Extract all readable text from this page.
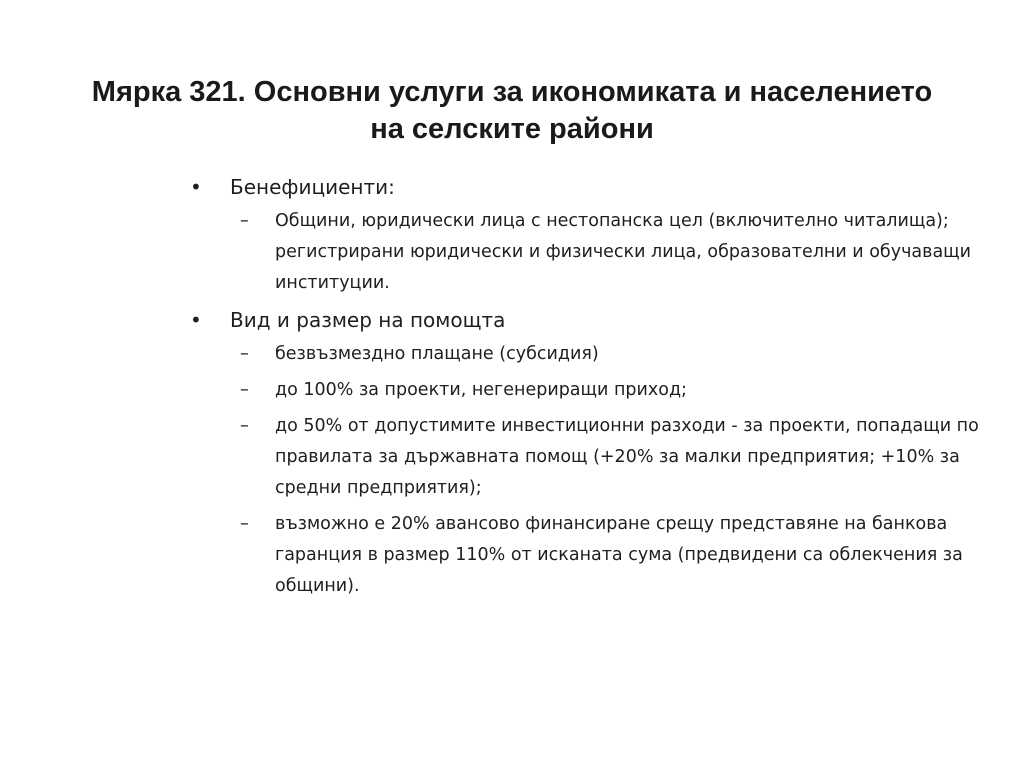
Мярка 321. Основни услуги за икономиката и населението
на селските райони
• Бенефициенти:
– Общини, юридически лица с нестопанска цел (включително читалища); регистрирани юридически и физически лица, образователни и обучаващи институции.
• Вид и размер на помощта
– безвъзмездно плащане (субсидия)
– до 100% за проекти, негенериращи приход;
– до 50% от допустимите инвестиционни разходи - за проекти, попадащи по правилата за държавната помощ (+20% за малки предприятия; +10% за средни предприятия);
– възможно е 20% авансово финансиране срещу представяне на банкова гаранция в размер 110% от исканата сума (предвидени са облекчения за общини).
